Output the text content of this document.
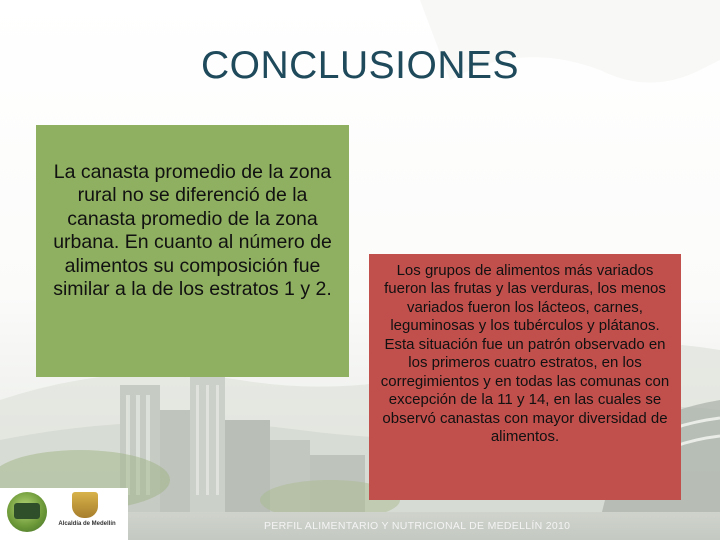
CONCLUSIONES
La canasta promedio de la zona rural no se diferenció de la canasta promedio de la zona urbana. En cuanto al número de alimentos su composición fue similar a la de los estratos 1 y 2.
Los grupos de alimentos más variados fueron las frutas y las verduras, los menos variados fueron los lácteos, carnes, leguminosas y los tubérculos y plátanos. Esta situación fue un patrón observado en los primeros cuatro estratos, en los corregimientos y en todas las comunas con excepción de la 11 y 14, en las cuales se observó canastas con mayor diversidad de alimentos.
PERFIL ALIMENTARIO Y NUTRICIONAL DE MEDELLÍN 2010
Alcaldía de Medellín
